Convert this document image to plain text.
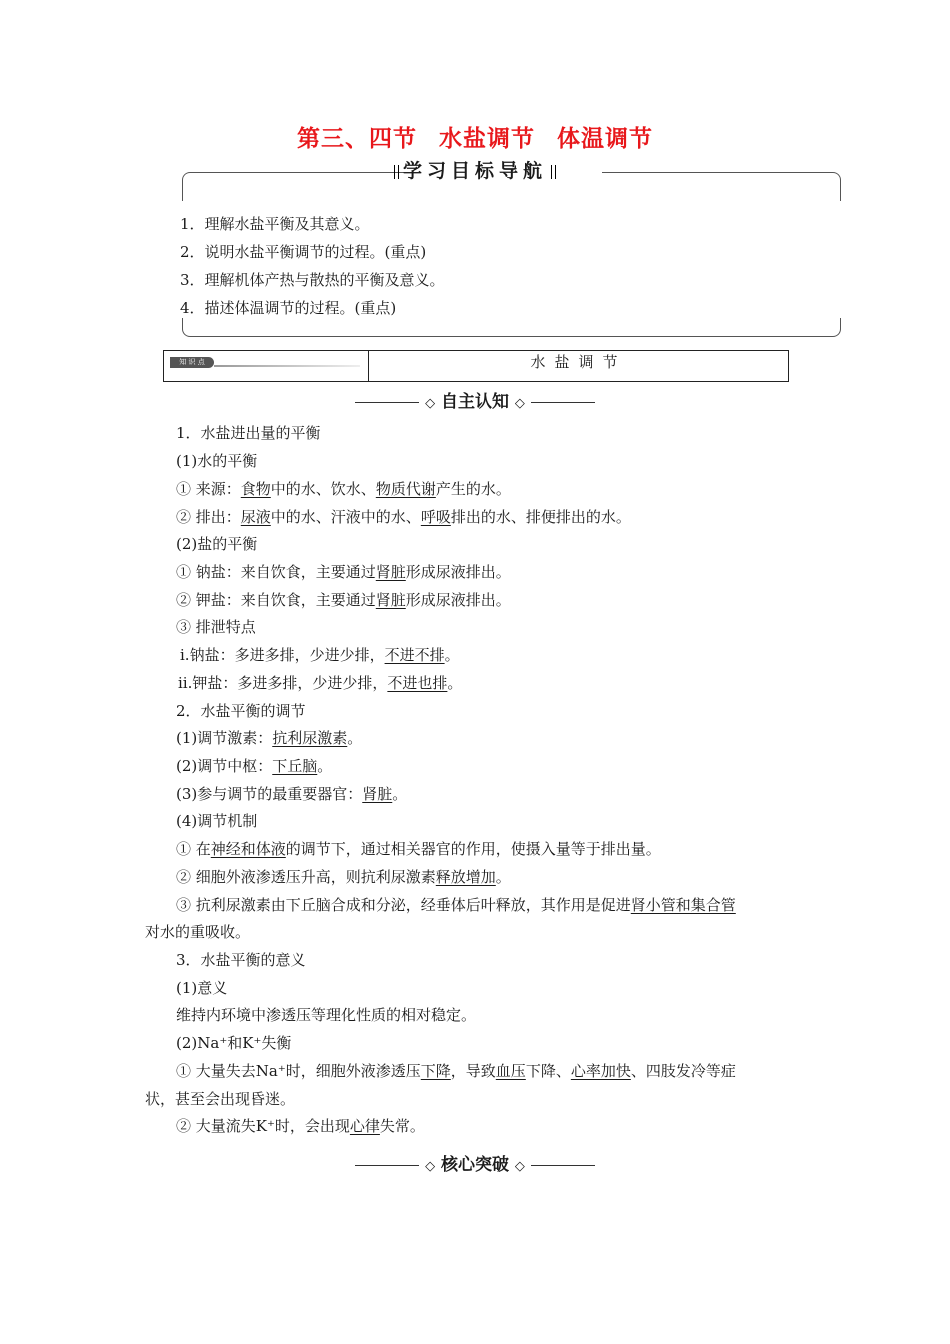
第三、四节 水盐调节 体温调节
学习目标导航
1．理解水盐平衡及其意义。
2．说明水盐平衡调节的过程。(重点)
3．理解机体产热与散热的平衡及意义。
4．描述体温调节的过程。(重点)
知 识 点	水盐调节
◇ 自主认知 ◇
1．水盐进出量的平衡
(1)水的平衡
① 来源：食物中的水、饮水、物质代谢产生的水。
② 排出：尿液中的水、汗液中的水、呼吸排出的水、排便排出的水。
(2)盐的平衡
① 钠盐：来自饮食，主要通过肾脏形成尿液排出。
② 钾盐：来自饮食，主要通过肾脏形成尿液排出。
③ 排泄特点
ⅰ.钠盐：多进多排，少进少排，不进不排。
ⅱ.钾盐：多进多排，少进少排，不进也排。
2．水盐平衡的调节
(1)调节激素：抗利尿激素。
(2)调节中枢：下丘脑。
(3)参与调节的最重要器官：肾脏。
(4)调节机制
① 在神经和体液的调节下，通过相关器官的作用，使摄入量等于排出量。
② 细胞外液渗透压升高，则抗利尿激素释放增加。
③ 抗利尿激素由下丘脑合成和分泌，经垂体后叶释放，其作用是促进肾小管和集合管
对水的重吸收。
3．水盐平衡的意义
(1)意义
维持内环境中渗透压等理化性质的相对稳定。
(2)Na⁺和K⁺失衡
① 大量失去Na⁺时，细胞外液渗透压下降，导致血压下降、心率加快、四肢发冷等症
状，甚至会出现昏迷。
② 大量流失K⁺时，会出现心律失常。
◇ 核心突破 ◇
